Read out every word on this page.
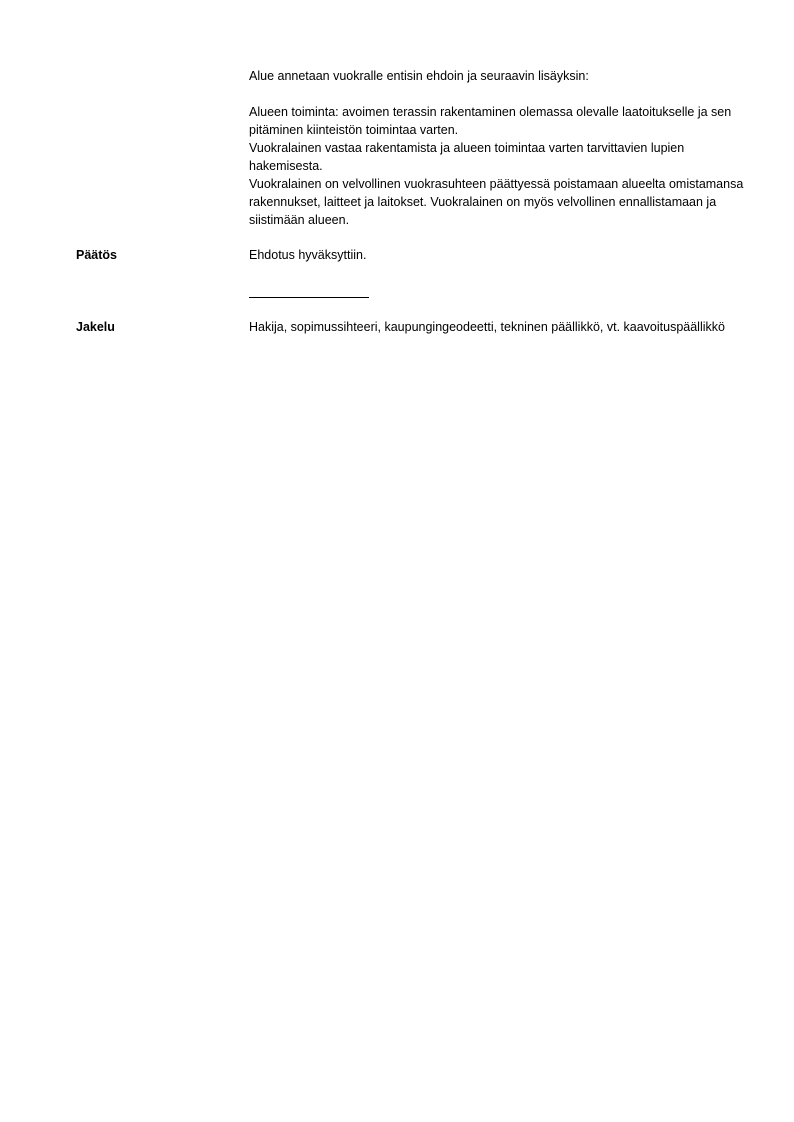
Alue annetaan vuokralle entisin ehdoin ja seuraavin lisäyksin:

Alueen toiminta: avoimen terassin rakentaminen olemassa olevalle laatoitukselle ja sen pitäminen kiinteistön toimintaa varten.

Vuokralainen vastaa rakentamista ja alueen toimintaa varten tarvittavien lupien hakemisesta.

Vuokralainen on velvollinen vuokrasuhteen päättyessä poistamaan alueelta omistamansa rakennukset, laitteet ja laitokset. Vuokralainen on myös velvollinen ennallistamaan ja siistimään alueen.

Päätös	Ehdotus hyväksyttiin.
Jakelu	Hakija, sopimussihteeri, kaupungingeodeetti, tekninen päällikkö, vt. kaavoituspäällikkö
